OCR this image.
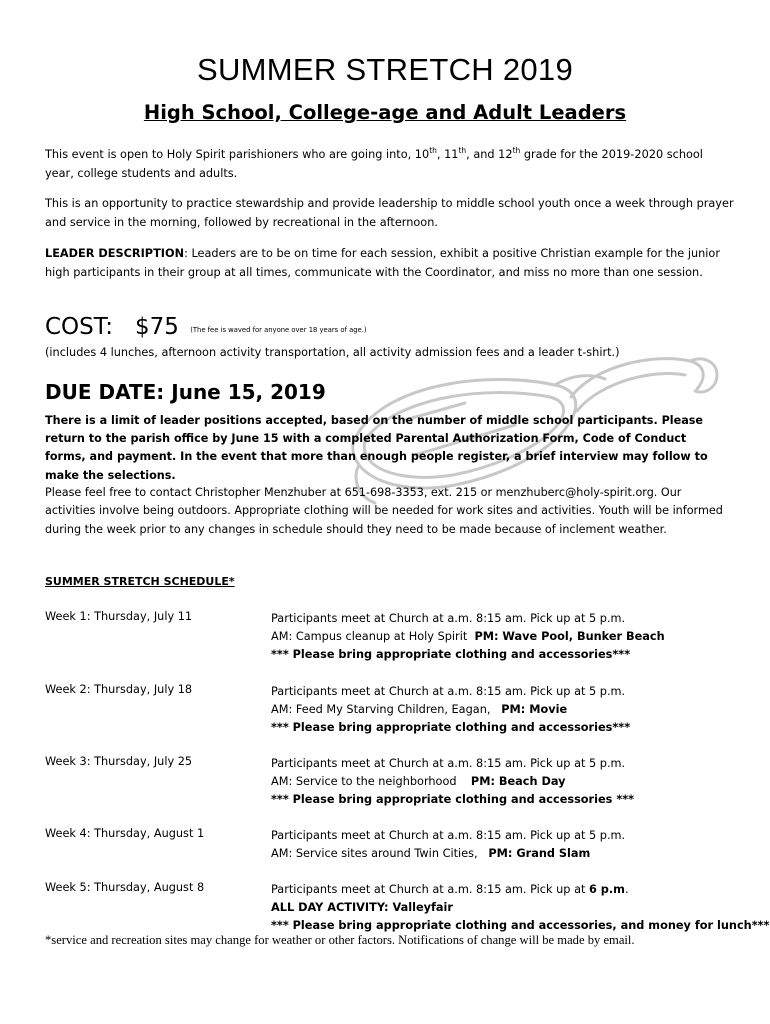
SUMMER STRETCH 2019
High School, College-age and Adult Leaders
This event is open to Holy Spirit parishioners who are going into, 10th, 11th, and 12th grade for the 2019-2020 school year, college students and adults.
This is an opportunity to practice stewardship and provide leadership to middle school youth once a week through prayer and service in the morning, followed by recreational in the afternoon.
LEADER DESCRIPTION: Leaders are to be on time for each session, exhibit a positive Christian example for the junior high participants in their group at all times, communicate with the Coordinator, and miss no more than one session.
COST: $75 (The fee is waved for anyone over 18 years of age.)
(includes 4 lunches, afternoon activity transportation, all activity admission fees and a leader t-shirt.)
DUE DATE: June 15, 2019
There is a limit of leader positions accepted, based on the number of middle school participants. Please return to the parish office by June 15 with a completed Parental Authorization Form, Code of Conduct forms, and payment. In the event that more than enough people register, a brief interview may follow to make the selections.
Please feel free to contact Christopher Menzhuber at 651-698-3353, ext. 215 or menzhuberc@holy-spirit.org. Our activities involve being outdoors. Appropriate clothing will be needed for work sites and activities. Youth will be informed during the week prior to any changes in schedule should they need to be made because of inclement weather.
SUMMER STRETCH SCHEDULE*
Week 1: Thursday, July 11	Participants meet at Church at a.m. 8:15 am. Pick up at 5 p.m.
AM: Campus cleanup at Holy Spirit PM: Wave Pool, Bunker Beach
*** Please bring appropriate clothing and accessories***
Week 2: Thursday, July 18	Participants meet at Church at a.m. 8:15 am. Pick up at 5 p.m.
AM: Feed My Starving Children, Eagan, PM: Movie
*** Please bring appropriate clothing and accessories***
Week 3: Thursday, July 25	Participants meet at Church at a.m. 8:15 am. Pick up at 5 p.m.
AM: Service to the neighborhood PM: Beach Day
*** Please bring appropriate clothing and accessories ***
Week 4: Thursday, August 1	Participants meet at Church at a.m. 8:15 am. Pick up at 5 p.m.
AM: Service sites around Twin Cities, PM: Grand Slam
Week 5: Thursday, August 8	Participants meet at Church at a.m. 8:15 am. Pick up at 6 p.m.
ALL DAY ACTIVITY: Valleyfair
*** Please bring appropriate clothing and accessories, and money for lunch***
*service and recreation sites may change for weather or other factors. Notifications of change will be made by email.
